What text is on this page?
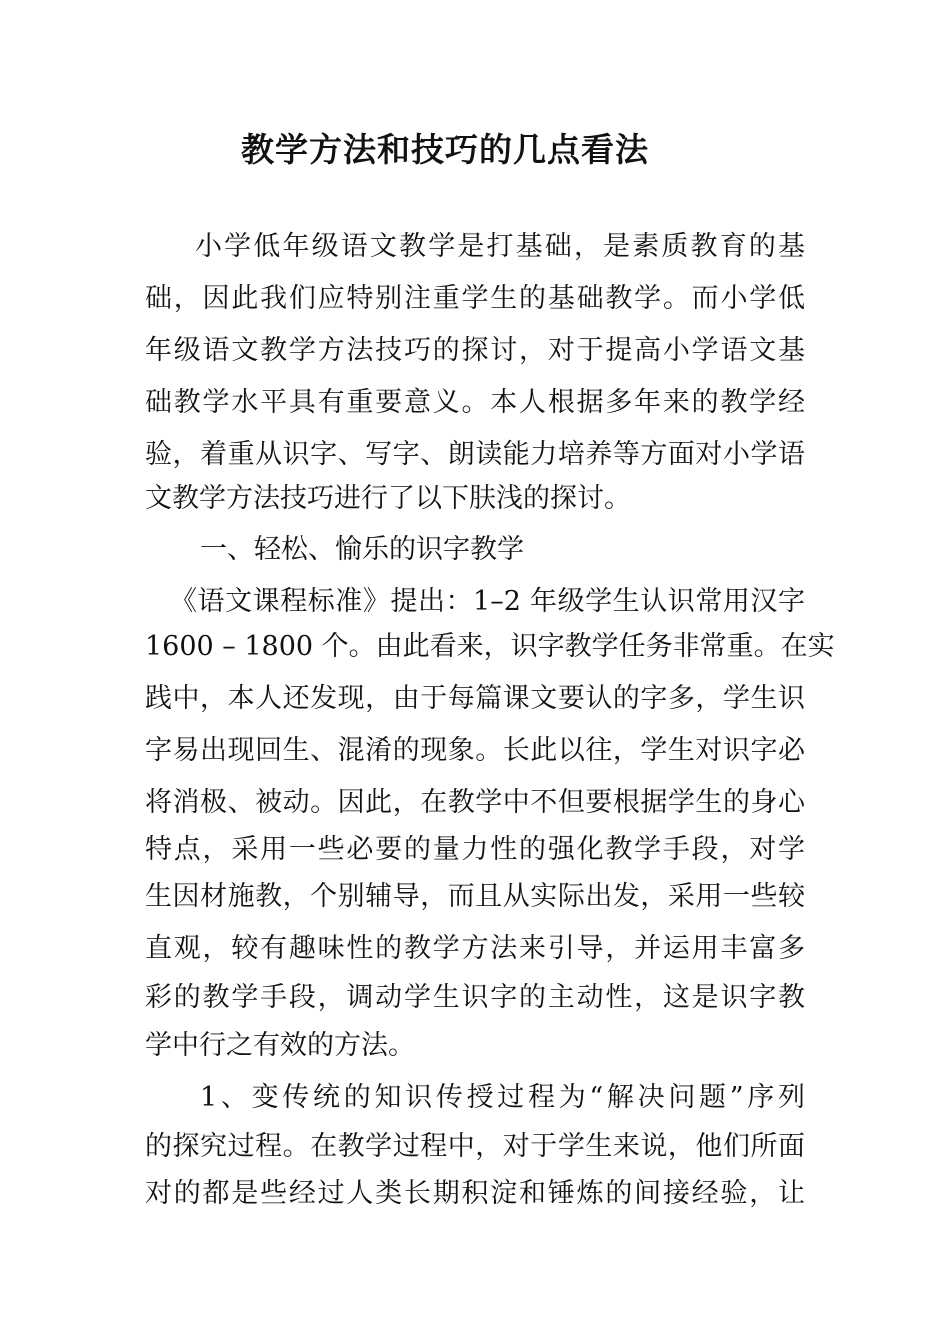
教学方法和技巧的几点看法

小学低年级语文教学是打基础，是素质教育的基

础，因此我们应特别注重学生的基础教学。而小学低

年级语文教学方法技巧的探讨，对于提高小学语文基

础教学水平具有重要意义。本人根据多年来的教学经

验，着重从识字、写字、朗读能力培养等方面对小学语

文教学方法技巧进行了以下肤浅的探讨。

一、轻松、愉乐的识字教学

《语文课程标准》提出：1–2 年级学生认识常用汉字

1600 – 1800 个。由此看来，识字教学任务非常重。在实

践中，本人还发现，由于每篇课文要认的字多，学生识

字易出现回生、混淆的现象。长此以往，学生对识字必

将消极、被动。因此，在教学中不但要根据学生的身心

特点，采用一些必要的量力性的强化教学手段，对学

生因材施教，个别辅导，而且从实际出发，采用一些较

直观，较有趣味性的教学方法来引导，并运用丰富多

彩的教学手段，调动学生识字的主动性，这是识字教

学中行之有效的方法。

1、变传统的知识传授过程为“解决问题”序列

的探究过程。在教学过程中，对于学生来说，他们所面

对的都是些经过人类长期积淀和锤炼的间接经验，让
